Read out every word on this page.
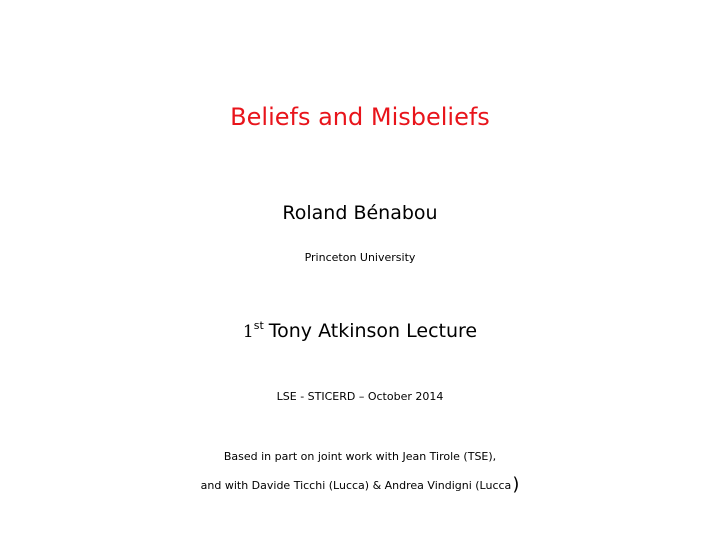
Beliefs and Misbeliefs
Roland Bénabou
Princeton University
1st Tony Atkinson Lecture
LSE - STICERD – October 2014
Based in part on joint work with Jean Tirole (TSE),
and with Davide Ticchi (Lucca) & Andrea Vindigni (Lucca)
